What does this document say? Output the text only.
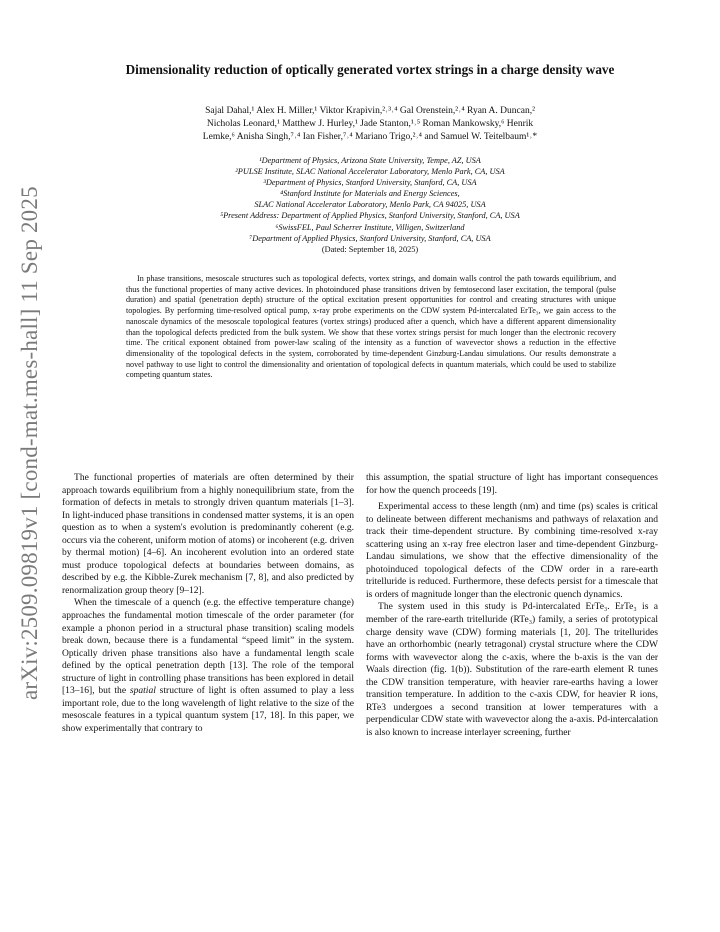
arXiv:2509.09819v1 [cond-mat.mes-hall] 11 Sep 2025
Dimensionality reduction of optically generated vortex strings in a charge density wave
Sajal Dahal,¹ Alex H. Miller,¹ Viktor Krapivin,²˒³˒⁴ Gal Orenstein,²˒⁴ Ryan A. Duncan,²
Nicholas Leonard,¹ Matthew J. Hurley,¹ Jade Stanton,¹˒⁵ Roman Mankowsky,⁶ Henrik
Lemke,⁶ Anisha Singh,⁷˒⁴ Ian Fisher,⁷˒⁴ Mariano Trigo,²˒⁴ and Samuel W. Teitelbaum¹˒*
¹Department of Physics, Arizona State University, Tempe, AZ, USA
²PULSE Institute, SLAC National Accelerator Laboratory, Menlo Park, CA, USA
³Department of Physics, Stanford University, Stanford, CA, USA
⁴Stanford Institute for Materials and Energy Sciences,
SLAC National Accelerator Laboratory, Menlo Park, CA 94025, USA
⁵Present Address: Department of Applied Physics, Stanford University, Stanford, CA, USA
⁶SwissFEL, Paul Scherrer Institute, Villigen, Switzerland
⁷Department of Applied Physics, Stanford University, Stanford, CA, USA
(Dated: September 18, 2025)
In phase transitions, mesoscale structures such as topological defects, vortex strings, and domain walls control the path towards equilibrium, and thus the functional properties of many active devices. In photoinduced phase transitions driven by femtosecond laser excitation, the temporal (pulse duration) and spatial (penetration depth) structure of the optical excitation present opportunities for control and creating structures with unique topologies. By performing time-resolved optical pump, x-ray probe experiments on the CDW system Pd-intercalated ErTe₃, we gain access to the nanoscale dynamics of the mesoscale topological features (vortex strings) produced after a quench, which have a different apparent dimensionality than the topological defects predicted from the bulk system. We show that these vortex strings persist for much longer than the electronic recovery time. The critical exponent obtained from power-law scaling of the intensity as a function of wavevector shows a reduction in the effective dimensionality of the topological defects in the system, corroborated by time-dependent Ginzburg-Landau simulations. Our results demonstrate a novel pathway to use light to control the dimensionality and orientation of topological defects in quantum materials, which could be used to stabilize competing quantum states.

The functional properties of materials are often determined by their approach towards equilibrium from a highly nonequilibrium state, from the formation of defects in metals to strongly driven quantum materials [1–3]. In light-induced phase transitions in condensed matter systems, it is an open question as to when a system's evolution is predominantly coherent (e.g. occurs via the coherent, uniform motion of atoms) or incoherent (e.g. driven by thermal motion) [4–6]. An incoherent evolution into an ordered state must produce topological defects at boundaries between domains, as described by e.g. the Kibble-Zurek mechanism [7, 8], and also predicted by renormalization group theory [9–12].

When the timescale of a quench (e.g. the effective temperature change) approaches the fundamental motion timescale of the order parameter (for example a phonon period in a structural phase transition) scaling models break down, because there is a fundamental “speed limit” in the system. Optically driven phase transitions also have a fundamental length scale defined by the optical penetration depth [13]. The role of the temporal structure of light in controlling phase transitions has been explored in detail [13–16], but the spatial structure of light is often assumed to play a less important role, due to the long wavelength of light relative to the size of the mesoscale features in a typical quantum system [17, 18]. In this paper, we show experimentally that contrary to

this assumption, the spatial structure of light has important consequences for how the quench proceeds [19].

Experimental access to these length (nm) and time (ps) scales is critical to delineate between different mechanisms and pathways of relaxation and track their time-dependent structure. By combining time-resolved x-ray scattering using an x-ray free electron laser and time-dependent Ginzburg-Landau simulations, we show that the effective dimensionality of the photoinduced topological defects of the CDW order in a rare-earth tritelluride is reduced. Furthermore, these defects persist for a timescale that is orders of magnitude longer than the electronic quench dynamics.

The system used in this study is Pd-intercalated ErTe₃. ErTe₃ is a member of the rare-earth tritelluride (RTe₃) family, a series of prototypical charge density wave (CDW) forming materials [1, 20]. The tritellurides have an orthorhombic (nearly tetragonal) crystal structure where the CDW forms with wavevector along the c-axis, where the b-axis is the van der Waals direction (fig. 1(b)). Substitution of the rare-earth element R tunes the CDW transition temperature, with heavier rare-earths having a lower transition temperature. In addition to the c-axis CDW, for heavier R ions, RTe3 undergoes a second transition at lower temperatures with a perpendicular CDW state with wavevector along the a-axis. Pd-intercalation is also known to increase interlayer screening, further
